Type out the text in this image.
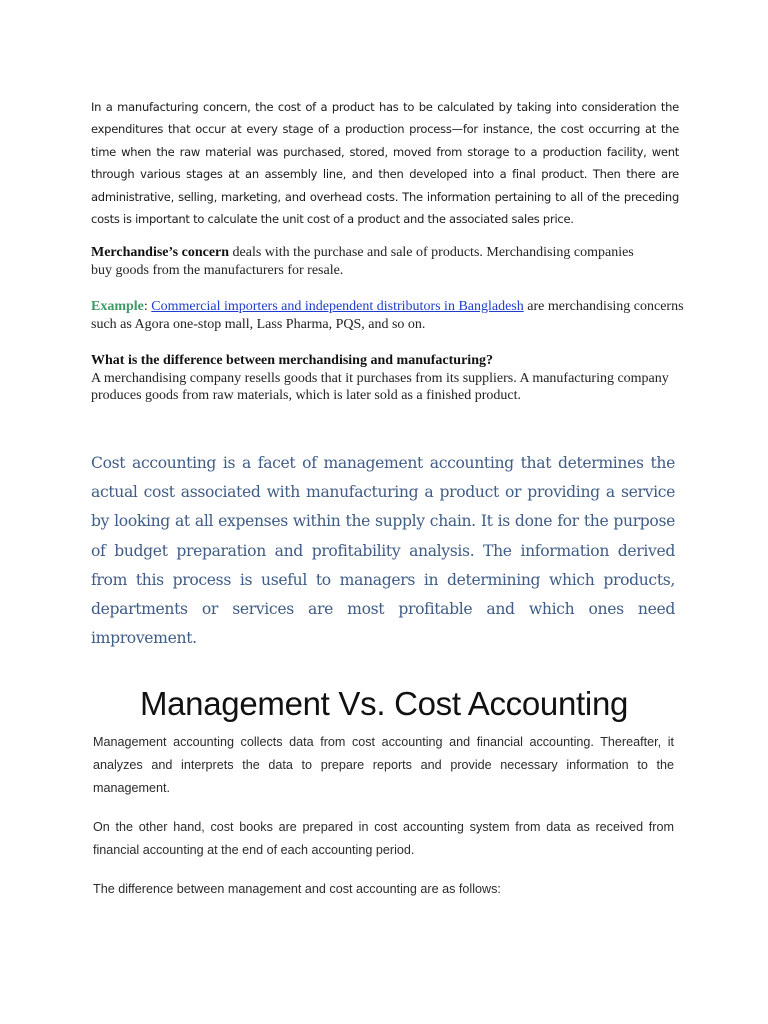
In a manufacturing concern, the cost of a product has to be calculated by taking into consideration the expenditures that occur at every stage of a production process—for instance, the cost occurring at the time when the raw material was purchased, stored, moved from storage to a production facility, went through various stages at an assembly line, and then developed into a final product. Then there are administrative, selling, marketing, and overhead costs. The information pertaining to all of the preceding costs is important to calculate the unit cost of a product and the associated sales price.

Merchandise’s concern deals with the purchase and sale of products. Merchandising companies buy goods from the manufacturers for resale.

Example: Commercial importers and independent distributors in Bangladesh are merchandising concerns such as Agora one-stop mall, Lass Pharma, PQS, and so on.

What is the difference between merchandising and manufacturing?
A merchandising company resells goods that it purchases from its suppliers. A manufacturing company produces goods from raw materials, which is later sold as a finished product.

Cost accounting is a facet of management accounting that determines the actual cost associated with manufacturing a product or providing a service by looking at all expenses within the supply chain. It is done for the purpose of budget preparation and profitability analysis. The information derived from this process is useful to managers in determining which products, departments or services are most profitable and which ones need improvement.

Management Vs. Cost Accounting

Management accounting collects data from cost accounting and financial accounting. Thereafter, it analyzes and interprets the data to prepare reports and provide necessary information to the management.

On the other hand, cost books are prepared in cost accounting system from data as received from financial accounting at the end of each accounting period.

The difference between management and cost accounting are as follows:
